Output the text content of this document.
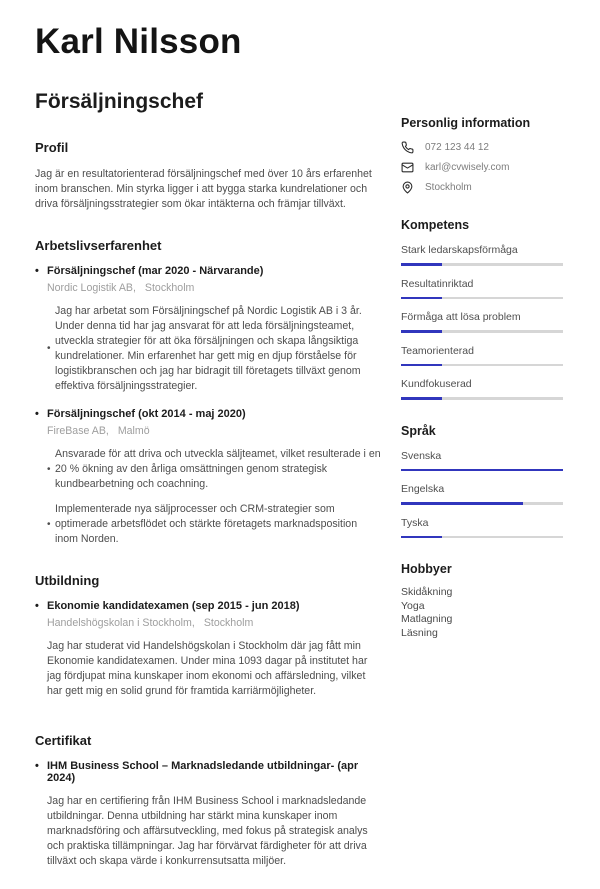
Karl Nilsson
Försäljningschef
Profil
Jag är en resultatorienterad försäljningschef med över 10 års erfarenhet inom branschen. Min styrka ligger i att bygga starka kundrelationer och driva försäljningsstrategier som ökar intäkterna och främjar tillväxt.
Arbetslivserfarenhet
• Försäljningschef (mar 2020 - Närvarande)
Nordic Logistik AB, Stockholm
•
Jag har arbetat som Försäljningschef på Nordic Logistik AB i 3 år. Under denna tid har jag ansvarat för att leda försäljningsteamet, utveckla strategier för att öka försäljningen och skapa långsiktiga kundrelationer. Min erfarenhet har gett mig en djup förståelse för logistikbranschen och jag har bidragit till företagets tillväxt genom effektiva försäljningsstrategier.
• Försäljningschef (okt 2014 - maj 2020)
FireBase AB, Malmö
•
Ansvarade för att driva och utveckla säljteamet, vilket resulterade i en 20 % ökning av den årliga omsättningen genom strategisk kundbearbetning och coachning.
•
Implementerade nya säljprocesser och CRM-strategier som optimerade arbetsflödet och stärkte företagets marknadsposition inom Norden.
Utbildning
• Ekonomie kandidatexamen (sep 2015 - jun 2018)
Handelshögskolan i Stockholm, Stockholm
Jag har studerat vid Handelshögskolan i Stockholm där jag fått min Ekonomie kandidatexamen. Under mina 1093 dagar på institutet har jag fördjupat mina kunskaper inom ekonomi och affärsledning, vilket har gett mig en solid grund för framtida karriärmöjligheter.
Certifikat
• IHM Business School – Marknadsledande utbildningar- (apr 2024)
Jag har en certifiering från IHM Business School i marknadsledande utbildningar. Denna utbildning har stärkt mina kunskaper inom marknadsföring och affärsutveckling, med fokus på strategisk analys och praktiska tillämpningar. Jag har förvärvat färdigheter för att driva tillväxt och skapa värde i konkurrensutsatta miljöer.
Personlig information
072 123 44 12
karl@cvwisely.com
Stockholm
Kompetens
Stark ledarskapsförmåga
Resultatinriktad
Förmåga att lösa problem
Teamorienterad
Kundfokuserad
Språk
Svenska
Engelska
Tyska
Hobbyer
Skidåkning
Yoga
Matlagning
Läsning
